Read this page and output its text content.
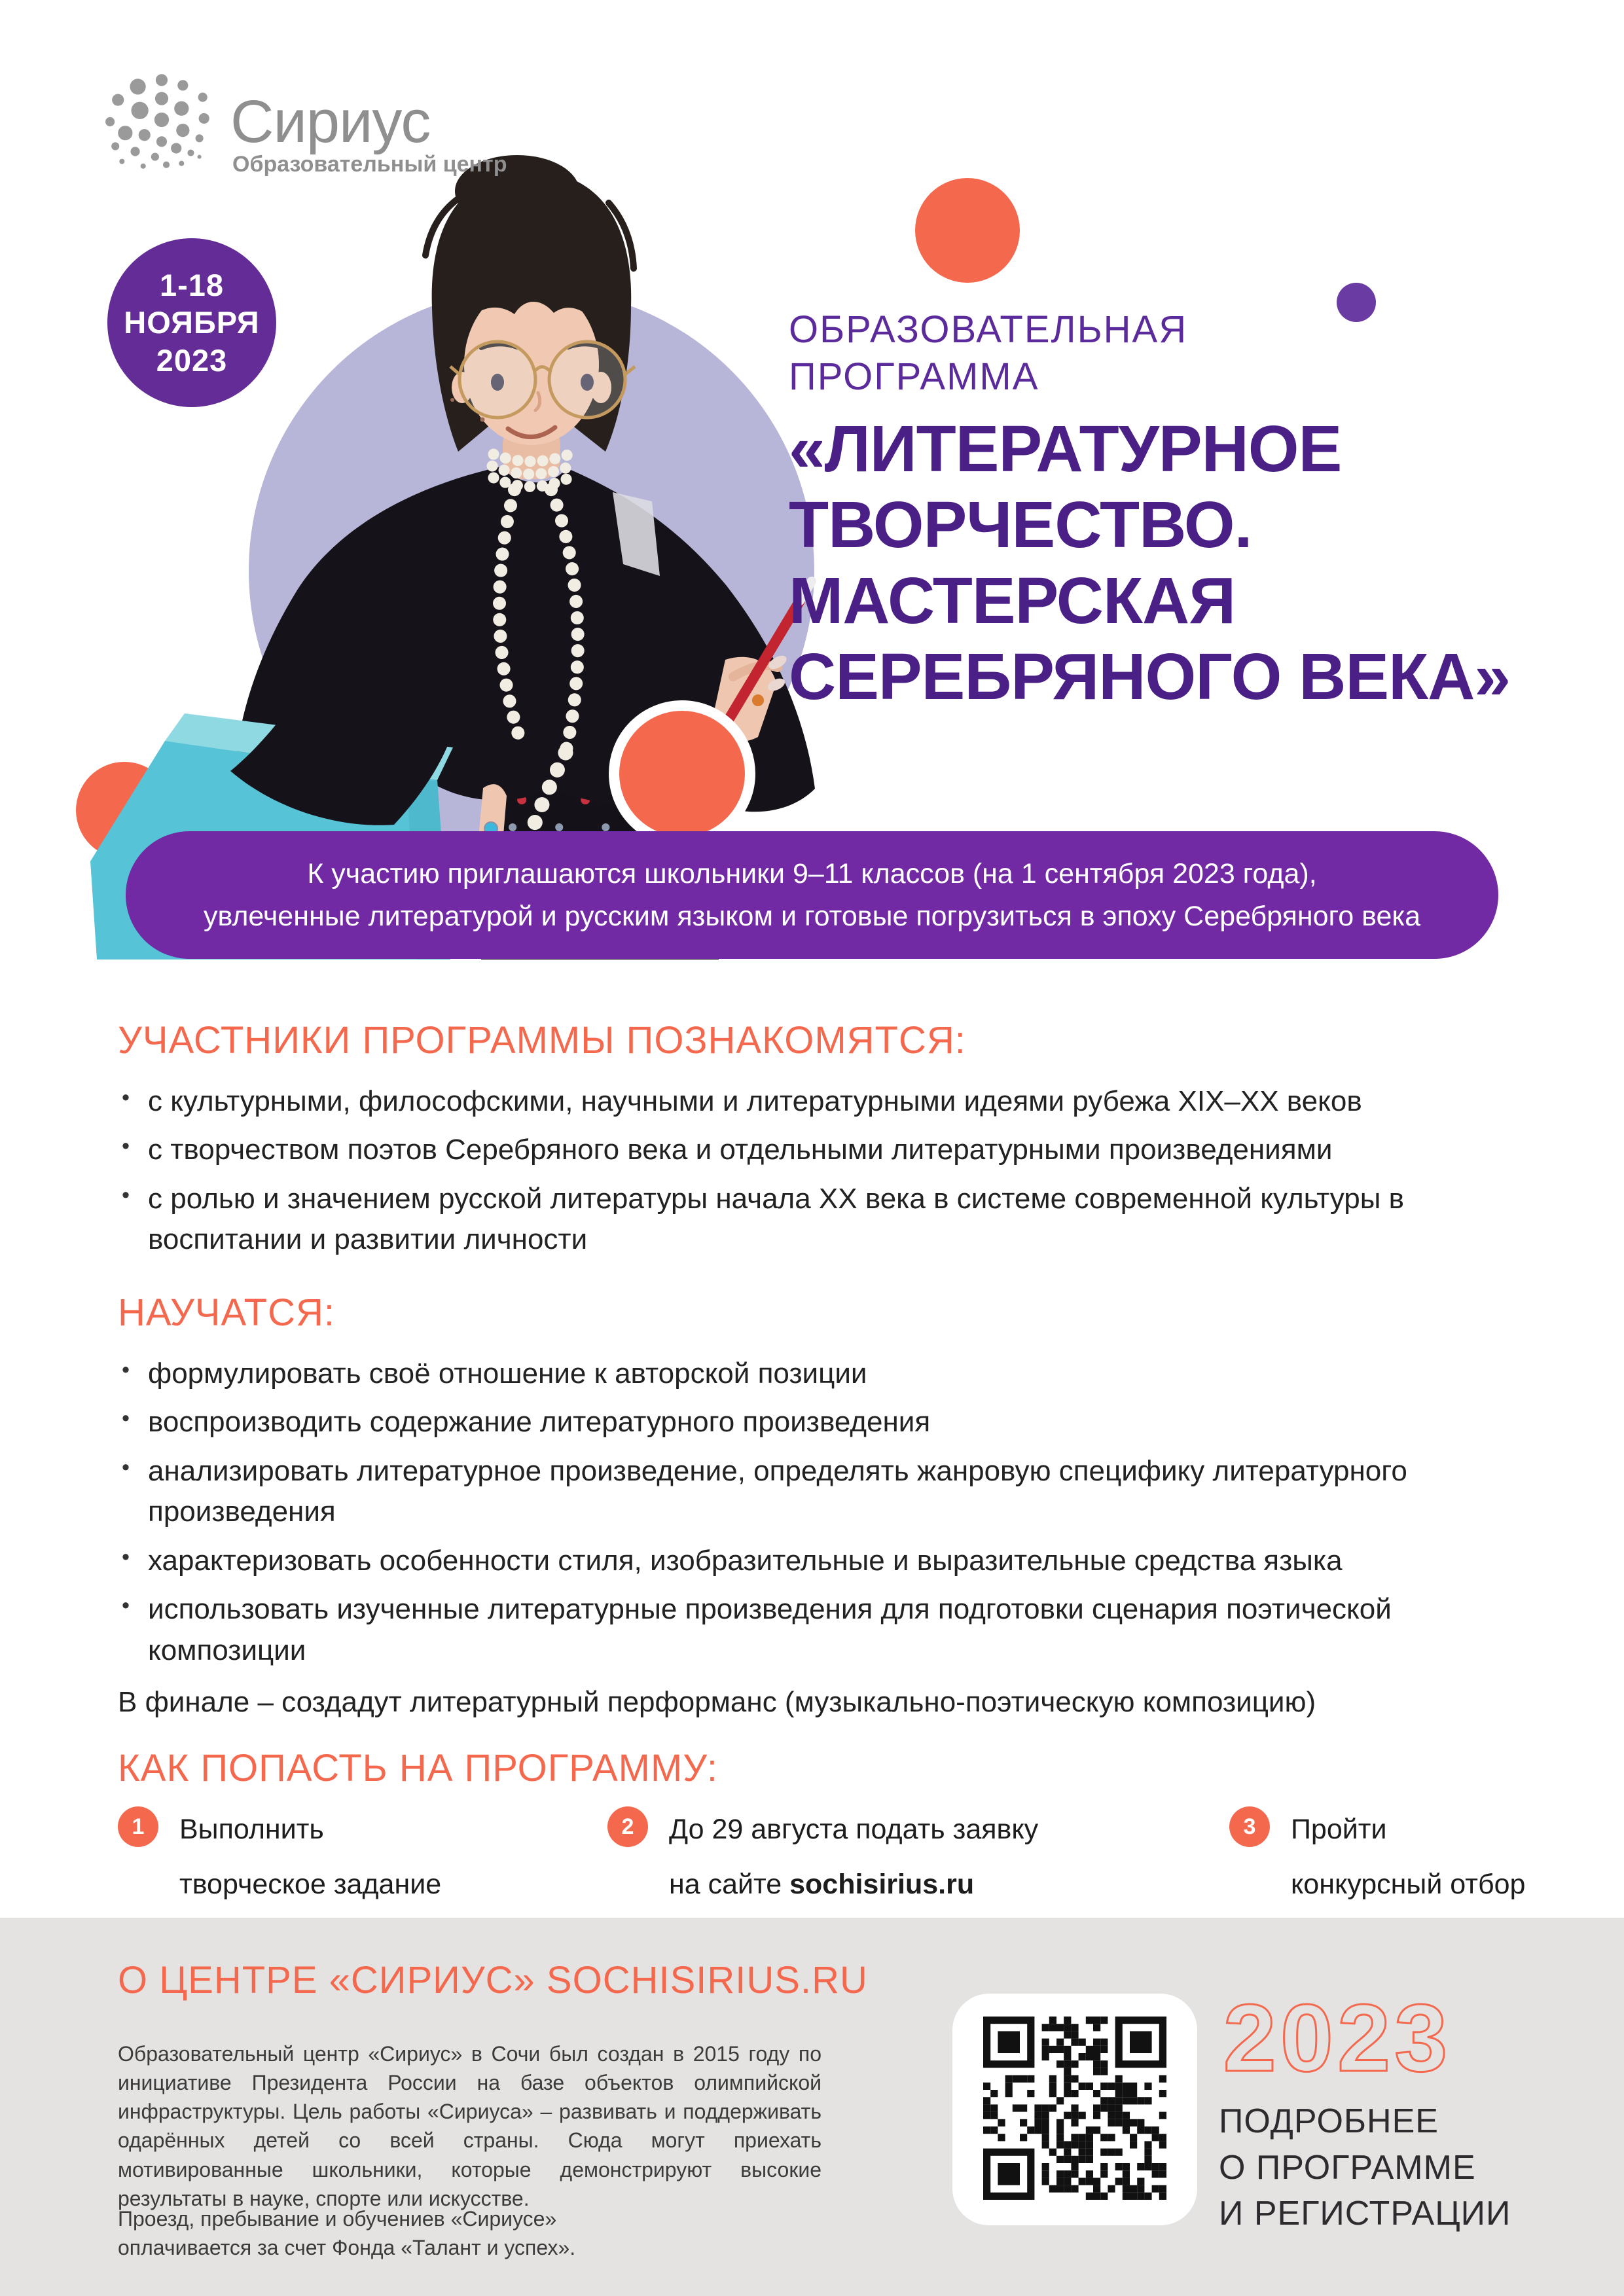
Сириус
Образовательный центр
1-18
НОЯБРЯ
2023
ОБРАЗОВАТЕЛЬНАЯ
ПРОГРАММА
«ЛИТЕРАТУРНОЕ
ТВОРЧЕСТВО.
МАСТЕРСКАЯ
СЕРЕБРЯНОГО ВЕКА»
К участию приглашаются школьники 9–11 классов (на 1 сентября 2023 года),
увлеченные литературой и русским языком и готовые погрузиться в эпоху Серебряного века
УЧАСТНИКИ ПРОГРАММЫ ПОЗНАКОМЯТСЯ:
• с культурными, философскими, научными и литературными идеями рубежа XIX–XX веков
• с творчеством поэтов Серебряного века и отдельными литературными произведениями
• с ролью и значением русской литературы начала XX века в системе современной культуры в воспитании и развитии личности
НАУЧАТСЯ:
• формулировать своё отношение к авторской позиции
• воспроизводить содержание литературного произведения
• анализировать литературное произведение, определять жанровую специфику литературного произведения
• характеризовать особенности стиля, изобразительные и выразительные средства языка
• использовать изученные литературные произведения для подготовки сценария поэтической композиции
В финале – создадут литературный перформанс (музыкально-поэтическую композицию)
КАК ПОПАСТЬ НА ПРОГРАММУ:
1	Выполнить
творческое задание
2	До 29 августа подать заявку
на сайте sochisirius.ru
3	Пройти
конкурсный отбор
О ЦЕНТРЕ «СИРИУС» SOCHISIRIUS.RU

Образовательный центр «Сириус» в Сочи был создан в 2015 году по инициативе Президента России на базе объектов олимпийской инфраструктуры. Цель работы «Сириуса» – развивать и поддерживать одарённых детей со всей страны. Сюда могут приехать мотивированные школьники, которые демонстрируют высокие результаты в науке, спорте или искусстве.

Проезд, пребывание и обучениев «Сириусе»
оплачивается за счет Фонда «Талант и успех».
2023
ПОДРОБНЕЕ
О ПРОГРАММЕ
И РЕГИСТРАЦИИ
